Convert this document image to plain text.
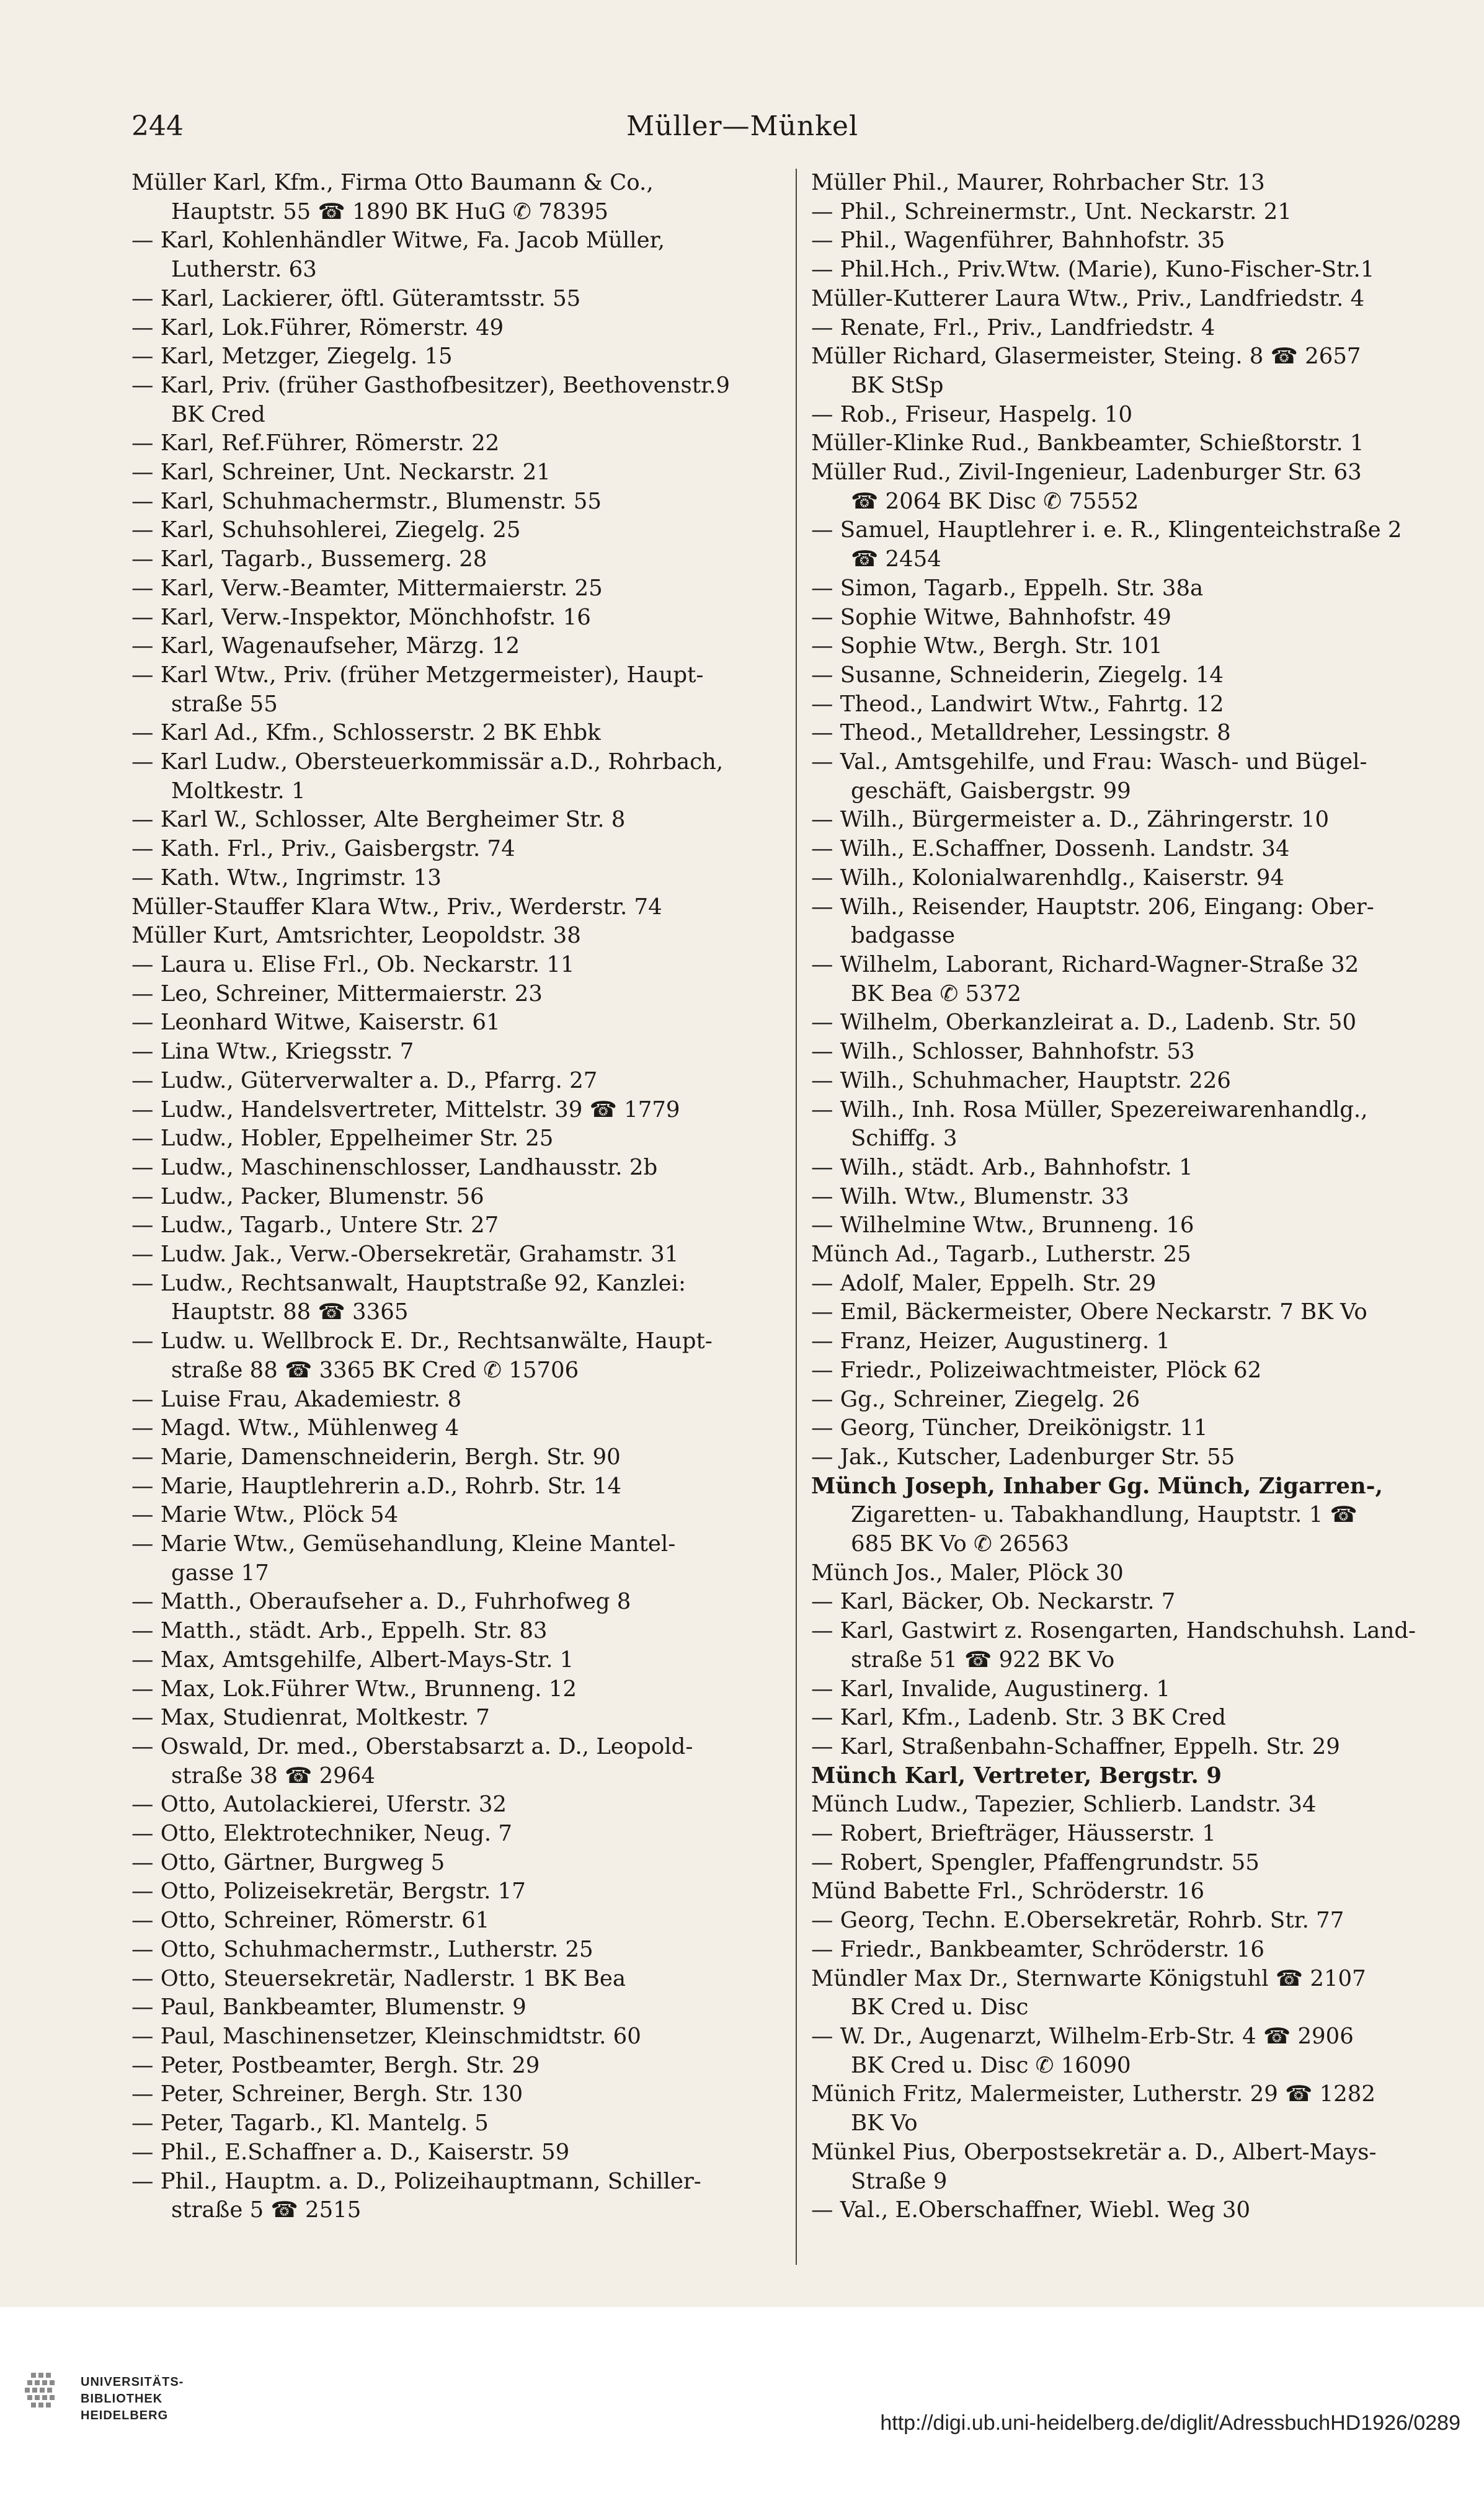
244	Müller—Münkel
Müller Karl, Kfm., Firma Otto Baumann & Co.,
Hauptstr. 55 ☎ 1890 BK HuG ✆ 78395
— Karl, Kohlenhändler Witwe, Fa. Jacob Müller,
Lutherstr. 63
— Karl, Lackierer, öftl. Güteramtsstr. 55
— Karl, Lok.Führer, Römerstr. 49
— Karl, Metzger, Ziegelg. 15
— Karl, Priv. (früher Gasthofbesitzer), Beethovenstr.9
BK Cred
— Karl, Ref.Führer, Römerstr. 22
— Karl, Schreiner, Unt. Neckarstr. 21
— Karl, Schuhmachermstr., Blumenstr. 55
— Karl, Schuhsohlerei, Ziegelg. 25
— Karl, Tagarb., Bussemerg. 28
— Karl, Verw.-Beamter, Mittermaierstr. 25
— Karl, Verw.-Inspektor, Mönchhofstr. 16
— Karl, Wagenaufseher, Märzg. 12
— Karl Wtw., Priv. (früher Metzgermeister), Haupt-
straße 55
— Karl Ad., Kfm., Schlosserstr. 2 BK Ehbk
— Karl Ludw., Obersteuerkommissär a.D., Rohrbach,
Moltkestr. 1
— Karl W., Schlosser, Alte Bergheimer Str. 8
— Kath. Frl., Priv., Gaisbergstr. 74
— Kath. Wtw., Ingrimstr. 13
Müller-Stauffer Klara Wtw., Priv., Werderstr. 74
Müller Kurt, Amtsrichter, Leopoldstr. 38
— Laura u. Elise Frl., Ob. Neckarstr. 11
— Leo, Schreiner, Mittermaierstr. 23
— Leonhard Witwe, Kaiserstr. 61
— Lina Wtw., Kriegsstr. 7
— Ludw., Güterverwalter a. D., Pfarrg. 27
— Ludw., Handelsvertreter, Mittelstr. 39 ☎ 1779
— Ludw., Hobler, Eppelheimer Str. 25
— Ludw., Maschinenschlosser, Landhausstr. 2b
— Ludw., Packer, Blumenstr. 56
— Ludw., Tagarb., Untere Str. 27
— Ludw. Jak., Verw.-Obersekretär, Grahamstr. 31
— Ludw., Rechtsanwalt, Hauptstraße 92, Kanzlei:
Hauptstr. 88 ☎ 3365
— Ludw. u. Wellbrock E. Dr., Rechtsanwälte, Haupt-
straße 88 ☎ 3365 BK Cred ✆ 15706
— Luise Frau, Akademiestr. 8
— Magd. Wtw., Mühlenweg 4
— Marie, Damenschneiderin, Bergh. Str. 90
— Marie, Hauptlehrerin a.D., Rohrb. Str. 14
— Marie Wtw., Plöck 54
— Marie Wtw., Gemüsehandlung, Kleine Mantel-
gasse 17
— Matth., Oberaufseher a. D., Fuhrhofweg 8
— Matth., städt. Arb., Eppelh. Str. 83
— Max, Amtsgehilfe, Albert-Mays-Str. 1
— Max, Lok.Führer Wtw., Brunneng. 12
— Max, Studienrat, Moltkestr. 7
— Oswald, Dr. med., Oberstabsarzt a. D., Leopold-
straße 38 ☎ 2964
— Otto, Autolackierei, Uferstr. 32
— Otto, Elektrotechniker, Neug. 7
— Otto, Gärtner, Burgweg 5
— Otto, Polizeisekretär, Bergstr. 17
— Otto, Schreiner, Römerstr. 61
— Otto, Schuhmachermstr., Lutherstr. 25
— Otto, Steuersekretär, Nadlerstr. 1 BK Bea
— Paul, Bankbeamter, Blumenstr. 9
— Paul, Maschinensetzer, Kleinschmidtstr. 60
— Peter, Postbeamter, Bergh. Str. 29
— Peter, Schreiner, Bergh. Str. 130
— Peter, Tagarb., Kl. Mantelg. 5
— Phil., E.Schaffner a. D., Kaiserstr. 59
— Phil., Hauptm. a. D., Polizeihauptmann, Schiller-
straße 5 ☎ 2515
Müller Phil., Maurer, Rohrbacher Str. 13
— Phil., Schreinermstr., Unt. Neckarstr. 21
— Phil., Wagenführer, Bahnhofstr. 35
— Phil.Hch., Priv.Wtw. (Marie), Kuno-Fischer-Str.1
Müller-Kutterer Laura Wtw., Priv., Landfriedstr. 4
— Renate, Frl., Priv., Landfriedstr. 4
Müller Richard, Glasermeister, Steing. 8 ☎ 2657
BK StSp
— Rob., Friseur, Haspelg. 10
Müller-Klinke Rud., Bankbeamter, Schießtorstr. 1
Müller Rud., Zivil-Ingenieur, Ladenburger Str. 63
☎ 2064 BK Disc ✆ 75552
— Samuel, Hauptlehrer i. e. R., Klingenteichstraße 2
☎ 2454
— Simon, Tagarb., Eppelh. Str. 38a
— Sophie Witwe, Bahnhofstr. 49
— Sophie Wtw., Bergh. Str. 101
— Susanne, Schneiderin, Ziegelg. 14
— Theod., Landwirt Wtw., Fahrtg. 12
— Theod., Metalldreher, Lessingstr. 8
— Val., Amtsgehilfe, und Frau: Wasch- und Bügel-
geschäft, Gaisbergstr. 99
— Wilh., Bürgermeister a. D., Zähringerstr. 10
— Wilh., E.Schaffner, Dossenh. Landstr. 34
— Wilh., Kolonialwarenhdlg., Kaiserstr. 94
— Wilh., Reisender, Hauptstr. 206, Eingang: Ober-
badgasse
— Wilhelm, Laborant, Richard-Wagner-Straße 32
BK Bea ✆ 5372
— Wilhelm, Oberkanzleirat a. D., Ladenb. Str. 50
— Wilh., Schlosser, Bahnhofstr. 53
— Wilh., Schuhmacher, Hauptstr. 226
— Wilh., Inh. Rosa Müller, Spezereiwarenhandlg.,
Schiffg. 3
— Wilh., städt. Arb., Bahnhofstr. 1
— Wilh. Wtw., Blumenstr. 33
— Wilhelmine Wtw., Brunneng. 16
Münch Ad., Tagarb., Lutherstr. 25
— Adolf, Maler, Eppelh. Str. 29
— Emil, Bäckermeister, Obere Neckarstr. 7 BK Vo
— Franz, Heizer, Augustinerg. 1
— Friedr., Polizeiwachtmeister, Plöck 62
— Gg., Schreiner, Ziegelg. 26
— Georg, Tüncher, Dreikönigstr. 11
— Jak., Kutscher, Ladenburger Str. 55
Münch Joseph, Inhaber Gg. Münch, Zigarren-,
Zigaretten- u. Tabakhandlung, Hauptstr. 1 ☎
685 BK Vo ✆ 26563
Münch Jos., Maler, Plöck 30
— Karl, Bäcker, Ob. Neckarstr. 7
— Karl, Gastwirt z. Rosengarten, Handschuhsh. Land-
straße 51 ☎ 922 BK Vo
— Karl, Invalide, Augustinerg. 1
— Karl, Kfm., Ladenb. Str. 3 BK Cred
— Karl, Straßenbahn-Schaffner, Eppelh. Str. 29
Münch Karl, Vertreter, Bergstr. 9
Münch Ludw., Tapezier, Schlierb. Landstr. 34
— Robert, Briefträger, Häusserstr. 1
— Robert, Spengler, Pfaffengrundstr. 55
Münd Babette Frl., Schröderstr. 16
— Georg, Techn. E.Obersekretär, Rohrb. Str. 77
— Friedr., Bankbeamter, Schröderstr. 16
Mündler Max Dr., Sternwarte Königstuhl ☎ 2107
BK Cred u. Disc
— W. Dr., Augenarzt, Wilhelm-Erb-Str. 4 ☎ 2906
BK Cred u. Disc ✆ 16090
Münich Fritz, Malermeister, Lutherstr. 29 ☎ 1282
BK Vo
Münkel Pius, Oberpostsekretär a. D., Albert-Mays-
Straße 9
— Val., E.Oberschaffner, Wiebl. Weg 30
UNIVERSITÄTS-
BIBLIOTHEK
HEIDELBERG	http://digi.ub.uni-heidelberg.de/diglit/AdressbuchHD1926/0289
